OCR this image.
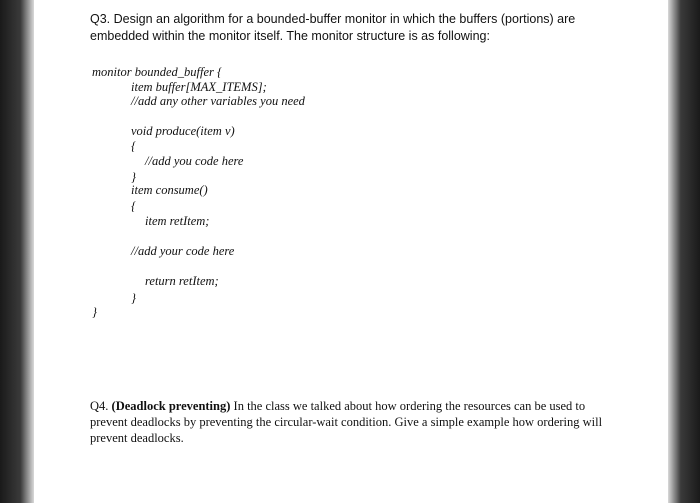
Q3. Design an algorithm for a bounded-buffer monitor in which the buffers (portions) are embedded within the monitor itself. The monitor structure is as following:
monitor bounded_buffer {
item buffer[MAX_ITEMS];
//add any other variables you need
void produce(item v)
{
//add you code here
}
item consume()
{
item retItem;
//add your code here
return retItem;
}
}
Q4. (Deadlock preventing) In the class we talked about how ordering the resources can be used to prevent deadlocks by preventing the circular-wait condition. Give a simple example how ordering will prevent deadlocks.
